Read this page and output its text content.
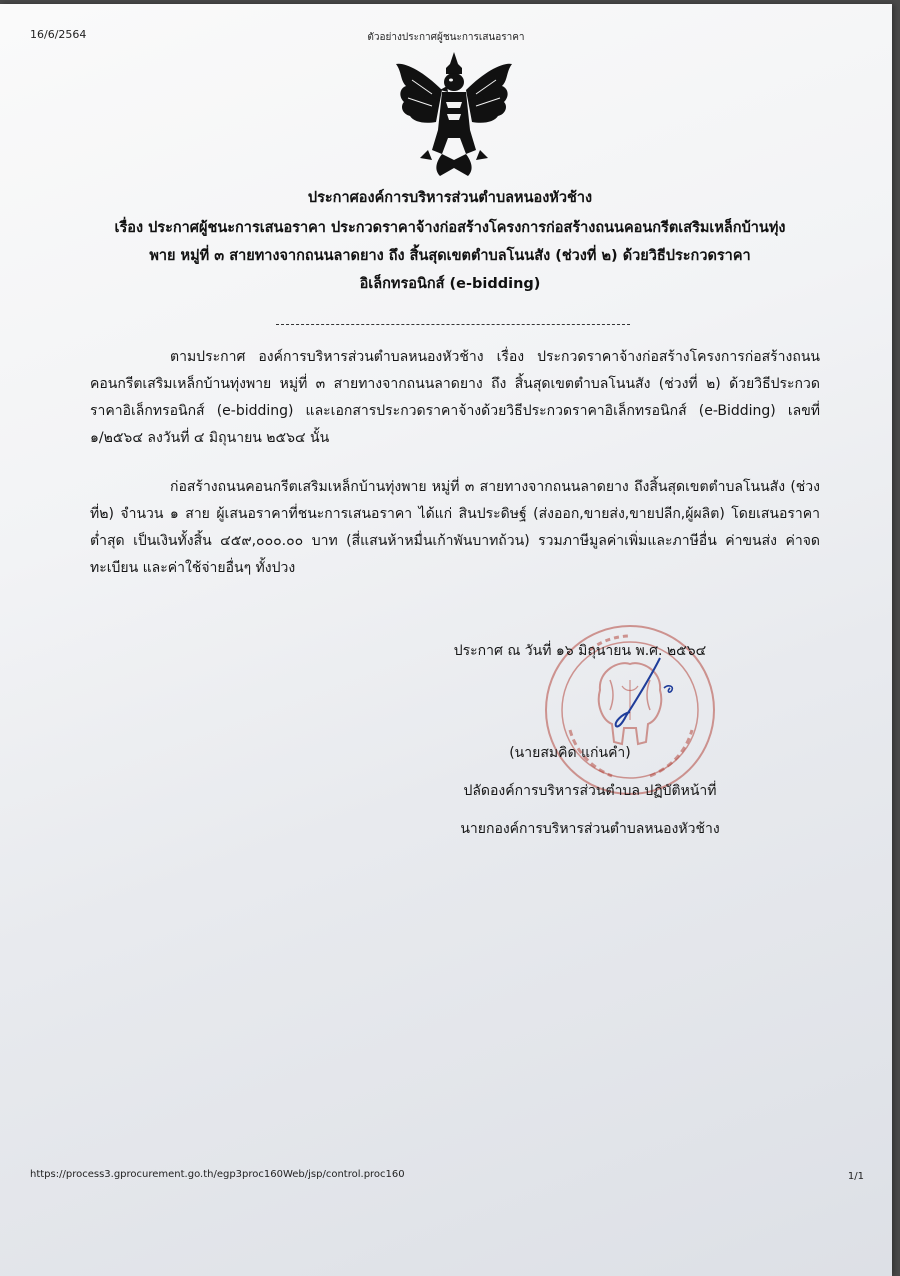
16/6/2564	ตัวอย่างประกาศผู้ชนะการเสนอราคา
ประกาศองค์การบริหารส่วนตำบลหนองหัวช้าง
เรื่อง ประกาศผู้ชนะการเสนอราคา ประกวดราคาจ้างก่อสร้างโครงการก่อสร้างถนนคอนกรีตเสริมเหล็กบ้านทุ่ง
พาย หมู่ที่ ๓ สายทางจากถนนลาดยาง ถึง สิ้นสุดเขตตำบลโนนสัง (ช่วงที่ ๒) ด้วยวิธีประกวดราคา
อิเล็กทรอนิกส์ (e-bidding)
ตามประกาศ องค์การบริหารส่วนตำบลหนองหัวช้าง เรื่อง ประกวดราคาจ้างก่อสร้างโครงการก่อสร้างถนนคอนกรีตเสริมเหล็กบ้านทุ่งพาย หมู่ที่ ๓ สายทางจากถนนลาดยาง ถึง สิ้นสุดเขตตำบลโนนสัง (ช่วงที่ ๒) ด้วยวิธีประกวดราคาอิเล็กทรอนิกส์ (e-bidding) และเอกสารประกวดราคาจ้างด้วยวิธีประกวดราคาอิเล็กทรอนิกส์ (e-Bidding) เลขที่ ๑/๒๕๖๔ ลงวันที่ ๔ มิถุนายน ๒๕๖๔ นั้น
ก่อสร้างถนนคอนกรีตเสริมเหล็กบ้านทุ่งพาย หมู่ที่ ๓ สายทางจากถนนลาดยาง ถึงสิ้นสุดเขตตำบลโนนสัง (ช่วงที่๒) จำนวน ๑ สาย ผู้เสนอราคาที่ชนะการเสนอราคา ได้แก่ สินประดิษฐ์ (ส่งออก,ขายส่ง,ขายปลีก,ผู้ผลิต) โดยเสนอราคาต่ำสุด เป็นเงินทั้งสิ้น ๔๕๙,๐๐๐.๐๐ บาท (สี่แสนห้าหมื่นเก้าพันบาทถ้วน) รวมภาษีมูลค่าเพิ่มและภาษีอื่น ค่าขนส่ง ค่าจดทะเบียน และค่าใช้จ่ายอื่นๆ ทั้งปวง
ประกาศ ณ วันที่ ๑๖ มิถุนายน พ.ศ. ๒๕๖๔
(นายสมคิด แก่นคำ)
ปลัดองค์การบริหารส่วนตำบล ปฏิบัติหน้าที่
นายกองค์การบริหารส่วนตำบลหนองหัวช้าง
https://process3.gprocurement.go.th/egp3proc160Web/jsp/control.proc160	1/1
